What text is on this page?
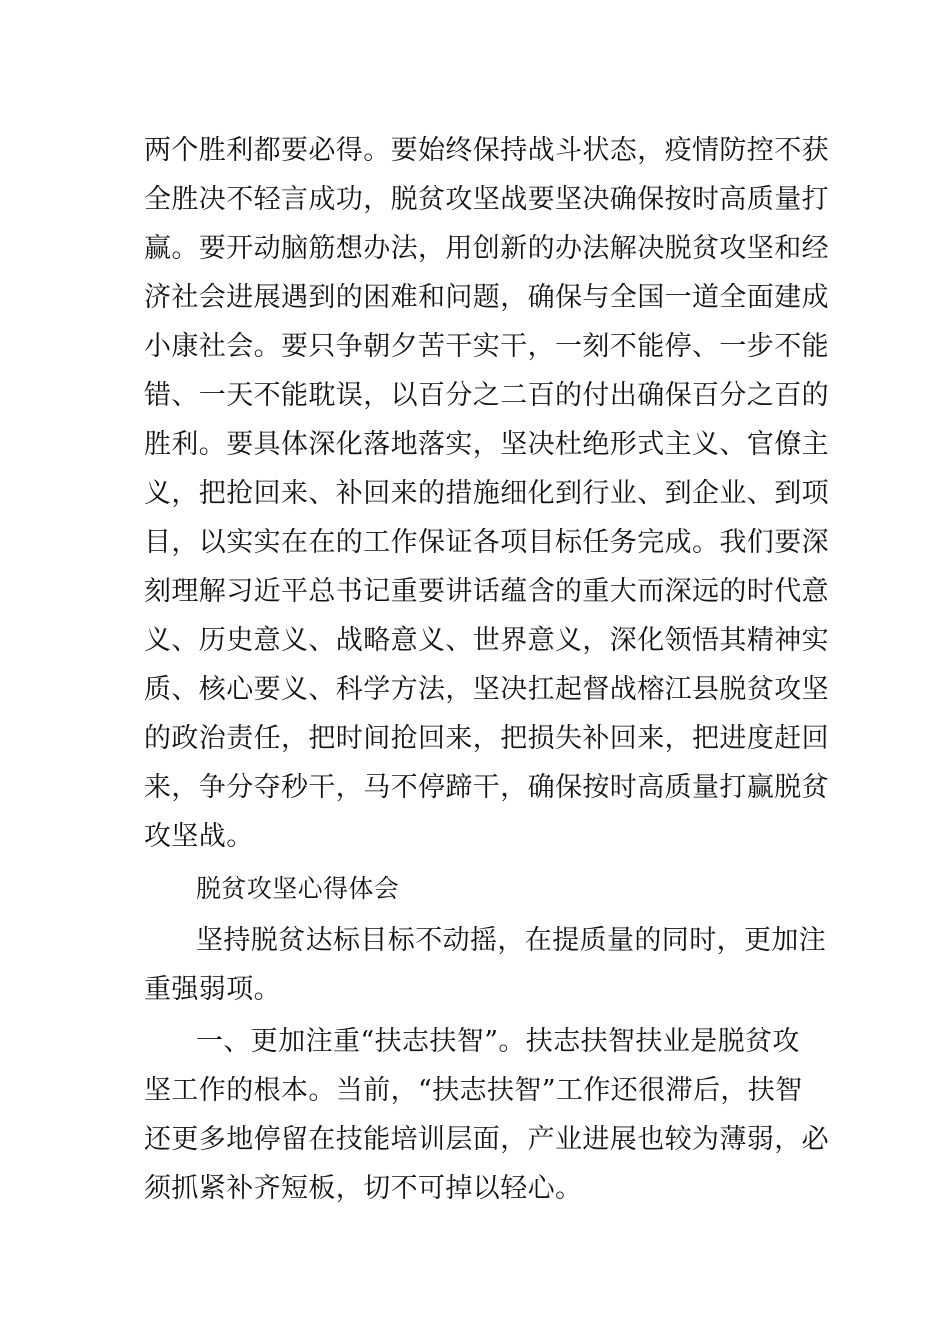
两个胜利都要必得。要始终保持战斗状态，疫情防控不获
全胜决不轻言成功，脱贫攻坚战要坚决确保按时高质量打
赢。要开动脑筋想办法，用创新的办法解决脱贫攻坚和经
济社会进展遇到的困难和问题，确保与全国一道全面建成
小康社会。要只争朝夕苦干实干，一刻不能停、一步不能
错、一天不能耽误，以百分之二百的付出确保百分之百的
胜利。要具体深化落地落实，坚决杜绝形式主义、官僚主
义，把抢回来、补回来的措施细化到行业、到企业、到项
目，以实实在在的工作保证各项目标任务完成。我们要深
刻理解习近平总书记重要讲话蕴含的重大而深远的时代意
义、历史意义、战略意义、世界意义，深化领悟其精神实
质、核心要义、科学方法，坚决扛起督战榕江县脱贫攻坚
的政治责任，把时间抢回来，把损失补回来，把进度赶回
来，争分夺秒干，马不停蹄干，确保按时高质量打赢脱贫
攻坚战。
脱贫攻坚心得体会
坚持脱贫达标目标不动摇，在提质量的同时，更加注
重强弱项。
一、更加注重“扶志扶智”。扶志扶智扶业是脱贫攻
坚工作的根本。当前，“扶志扶智”工作还很滞后，扶智
还更多地停留在技能培训层面，产业进展也较为薄弱，必
须抓紧补齐短板，切不可掉以轻心。
